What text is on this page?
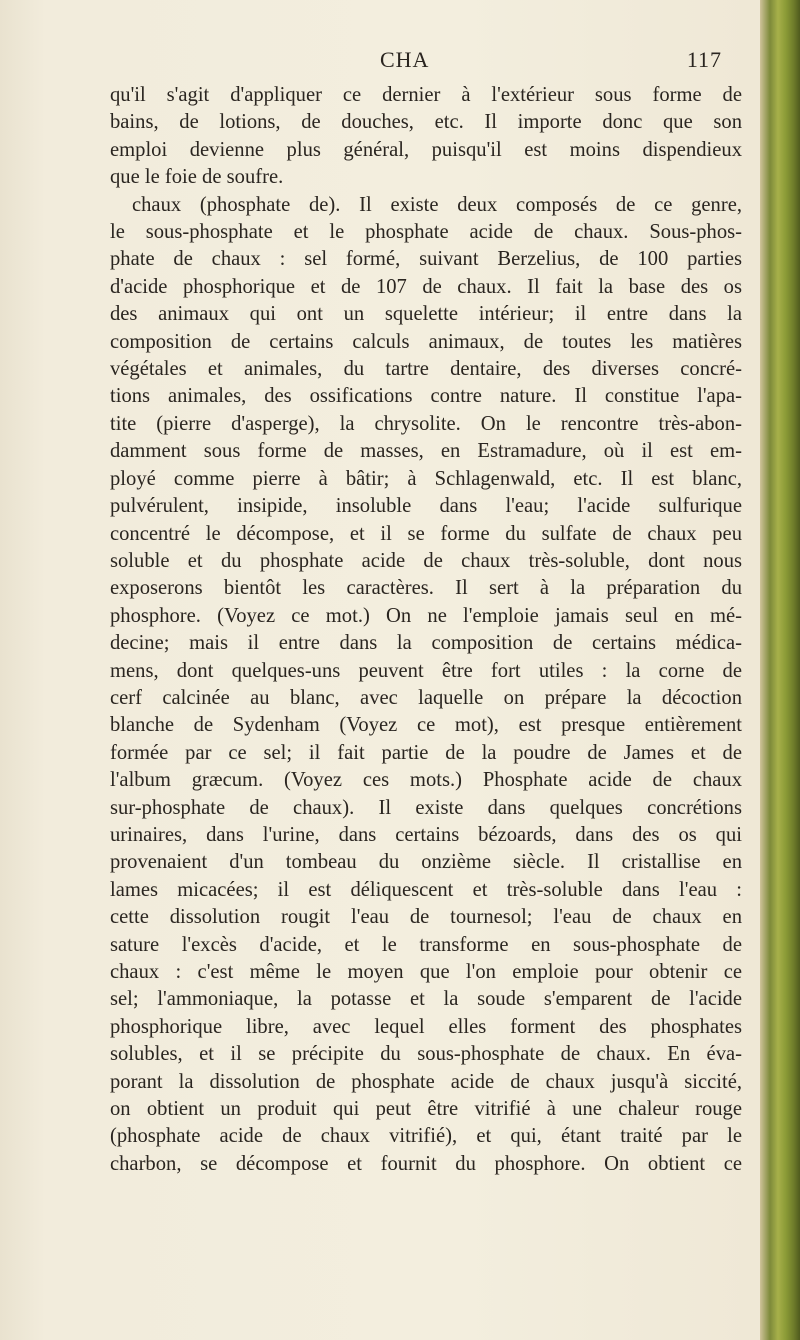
CHA	117
qu'il s'agit d'appliquer ce dernier à l'extérieur sous forme de
bains, de lotions, de douches, etc. Il importe donc que son
emploi devienne plus général, puisqu'il est moins dispendieux
que le foie de soufre.
chaux (phosphate de). Il existe deux composés de ce genre,
le sous-phosphate et le phosphate acide de chaux. Sous-phos-
phate de chaux : sel formé, suivant Berzelius, de 100 parties
d'acide phosphorique et de 107 de chaux. Il fait la base des os
des animaux qui ont un squelette intérieur; il entre dans la
composition de certains calculs animaux, de toutes les matières
végétales et animales, du tartre dentaire, des diverses concré-
tions animales, des ossifications contre nature. Il constitue l'apa-
tite (pierre d'asperge), la chrysolite. On le rencontre très-abon-
damment sous forme de masses, en Estramadure, où il est em-
ployé comme pierre à bâtir; à Schlagenwald, etc. Il est blanc,
pulvérulent, insipide, insoluble dans l'eau; l'acide sulfurique
concentré le décompose, et il se forme du sulfate de chaux peu
soluble et du phosphate acide de chaux très-soluble, dont nous
exposerons bientôt les caractères. Il sert à la préparation du
phosphore. (Voyez ce mot.) On ne l'emploie jamais seul en mé-
decine; mais il entre dans la composition de certains médica-
mens, dont quelques-uns peuvent être fort utiles : la corne de
cerf calcinée au blanc, avec laquelle on prépare la décoction
blanche de Sydenham (Voyez ce mot), est presque entièrement
formée par ce sel; il fait partie de la poudre de James et de
l'album græcum. (Voyez ces mots.) Phosphate acide de chaux
sur-phosphate de chaux). Il existe dans quelques concrétions
urinaires, dans l'urine, dans certains bézoards, dans des os qui
provenaient d'un tombeau du onzième siècle. Il cristallise en
lames micacées; il est déliquescent et très-soluble dans l'eau :
cette dissolution rougit l'eau de tournesol; l'eau de chaux en
sature l'excès d'acide, et le transforme en sous-phosphate de
chaux : c'est même le moyen que l'on emploie pour obtenir ce
sel; l'ammoniaque, la potasse et la soude s'emparent de l'acide
phosphorique libre, avec lequel elles forment des phosphates
solubles, et il se précipite du sous-phosphate de chaux. En éva-
porant la dissolution de phosphate acide de chaux jusqu'à siccité,
on obtient un produit qui peut être vitrifié à une chaleur rouge
(phosphate acide de chaux vitrifié), et qui, étant traité par le
charbon, se décompose et fournit du phosphore. On obtient ce
